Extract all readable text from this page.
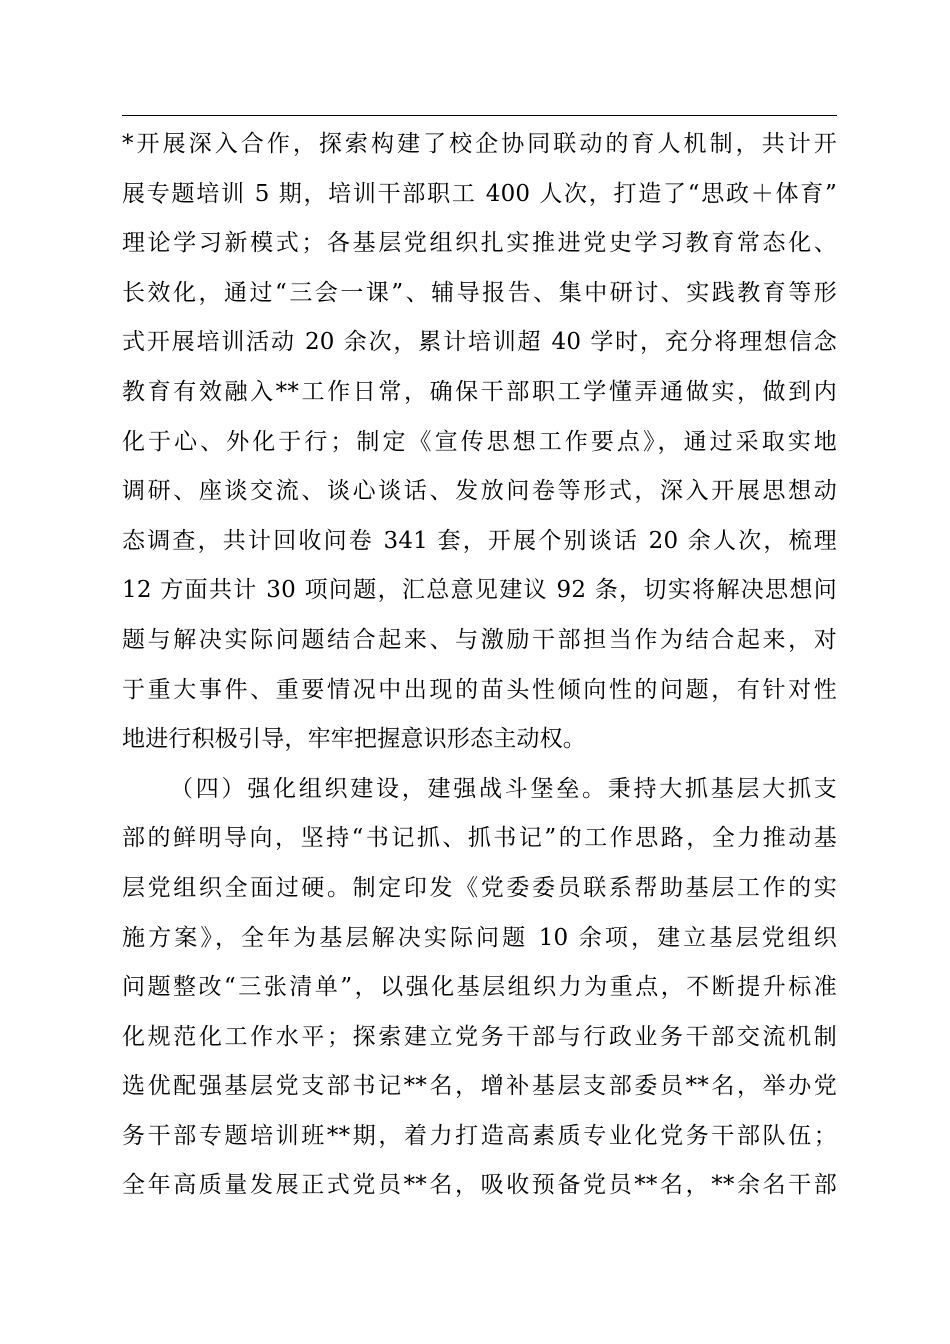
*开展深入合作，探索构建了校企协同联动的育人机制，共计开
展专题培训 5 期，培训干部职工 400 人次，打造了“思政＋体育”
理论学习新模式；各基层党组织扎实推进党史学习教育常态化、
长效化，通过“三会一课”、辅导报告、集中研讨、实践教育等形
式开展培训活动 20 余次，累计培训超 40 学时，充分将理想信念
教育有效融入**工作日常，确保干部职工学懂弄通做实，做到内
化于心、外化于行；制定《宣传思想工作要点》，通过采取实地
调研、座谈交流、谈心谈话、发放问卷等形式，深入开展思想动
态调查，共计回收问卷 341 套，开展个别谈话 20 余人次，梳理
12 方面共计 30 项问题，汇总意见建议 92 条，切实将解决思想问
题与解决实际问题结合起来、与激励干部担当作为结合起来，对
于重大事件、重要情况中出现的苗头性倾向性的问题，有针对性
地进行积极引导，牢牢把握意识形态主动权。
（四）强化组织建设，建强战斗堡垒。秉持大抓基层大抓支
部的鲜明导向，坚持“书记抓、抓书记”的工作思路，全力推动基
层党组织全面过硬。制定印发《党委委员联系帮助基层工作的实
施方案》，全年为基层解决实际问题 10 余项，建立基层党组织
问题整改“三张清单”，以强化基层组织力为重点，不断提升标准
化规范化工作水平；探索建立党务干部与行政业务干部交流机制
选优配强基层党支部书记**名，增补基层支部委员**名，举办党
务干部专题培训班**期，着力打造高素质专业化党务干部队伍；
全年高质量发展正式党员**名，吸收预备党员**名，**余名干部
